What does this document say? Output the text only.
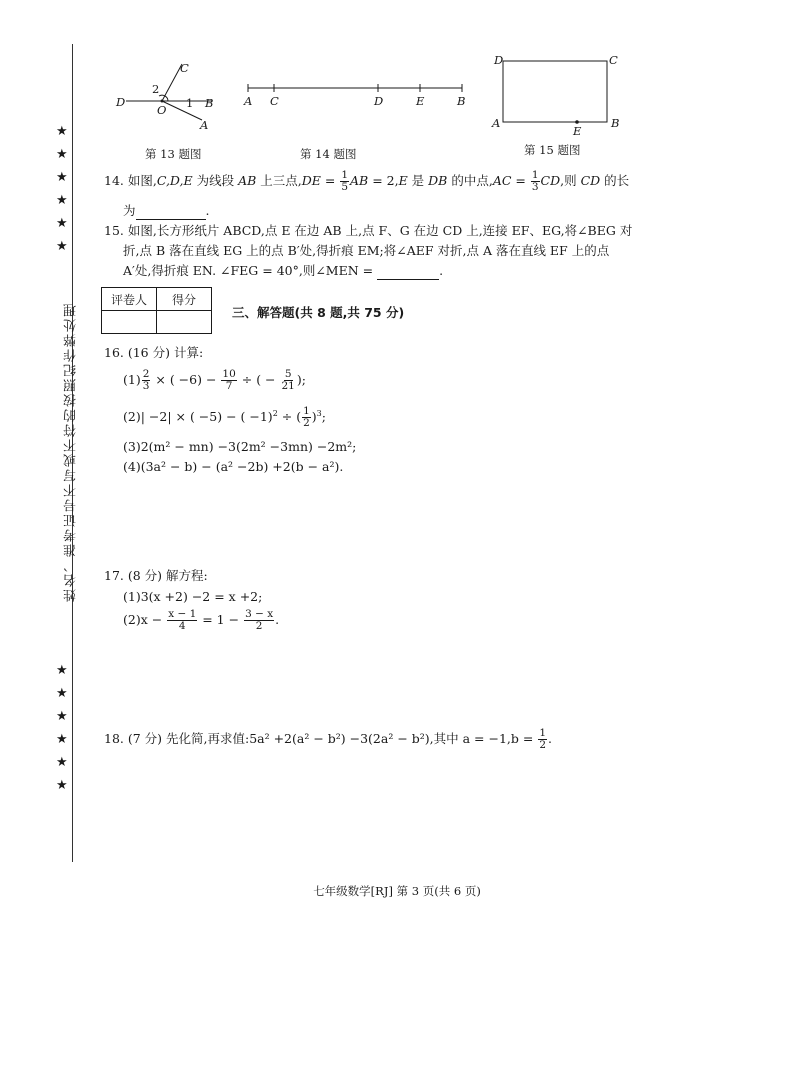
★
★
★
★
★
★
姓名、准考证号不写或不符的按照纪作弊处理
★
★
★
★
★
★
C
D
O	B
A
1
2
第 13 题图
A C	D	E	B
第 14 题图
D	C
A
E
B
第 15 题图
14. 如图,C,D,E 为线段 AB 上三点$,DE = \frac{1}{5}$ AB = 2,E 是 DB 的中点$,AC = \frac{1}{3}$ CD,则 CD 的长
为	.
15. 如图,长方形纸片 ABCD,点 E 在边 AB 上,点 F、G 在边 CD 上,连接 EF、EG,将∠BEG 对
折,点 B 落在直线 EG 上的点 B′处,得折痕 EM;将∠AEF 对折,点 A 落在直线 EF 上的点
A′处,得折痕 EN. ∠FEG = 40°,则∠MEN =	.
评卷人	得分

三、解答题(共 8 题,共 75 分)
16. (16 分) 计算:
$(1) \frac{2}{3}$ × ( $-6) - \frac{10}{7}$ ÷ ( − $\frac{5}{21}$ );
(2)| −2| × ( −5) − ( −1)$^2$ ÷ ( $\frac{1}{2} )^3$;
(3)2(m² − mn) −3(2m² −3mn) −2m²;
(4)(3a² − b) − (a² −2b) +2(b − a²).
17. (8 分) 解方程:
(1)3(x +2) −2 = x +2;
$(2)x - \frac{x - 1}{4} = 1 - \frac{3 - x}{2}$ .
18. (7 分) 先化简,再求值:5a² +2(a² − b²) −3(2a² − b²),其中 $a = -1,b = \frac{1}{2}$ .
七年级数学[RJ] 第 3 页(共 6 页)
